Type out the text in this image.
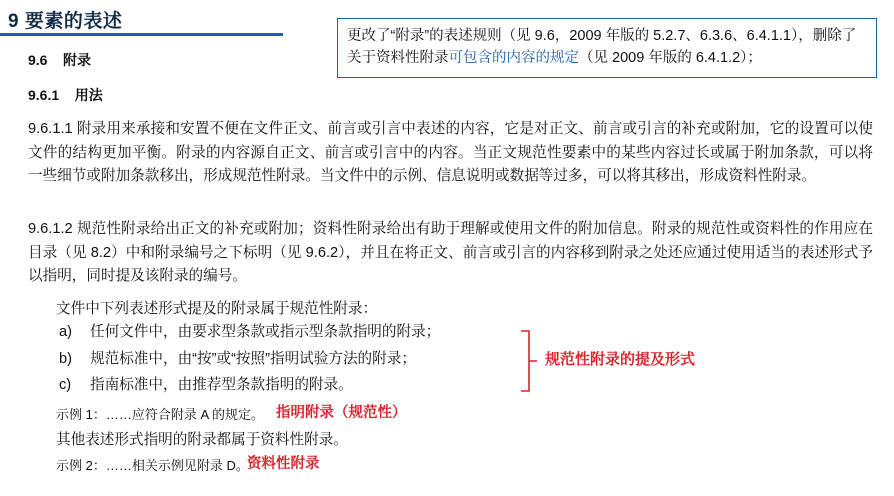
9 要素的表述
更改了“附录”的表述规则（见 9.6，2009 年版的 5.2.7、6.3.6、6.4.1.1），删除了关于资料性附录可包含的内容的规定（见 2009 年版的 6.4.1.2）；
9.6    附录
9.6.1    用法
9.6.1.1 附录用来承接和安置不便在文件正文、前言或引言中表述的内容，它是对正文、前言或引言的补充或附加，它的设置可以使文件的结构更加平衡。附录的内容源自正文、前言或引言中的内容。当正文规范性要素中的某些内容过长或属于附加条款，可以将一些细节或附加条款移出，形成规范性附录。当文件中的示例、信息说明或数据等过多，可以将其移出，形成资料性附录。
9.6.1.2 规范性附录给出正文的补充或附加；资料性附录给出有助于理解或使用文件的附加信息。附录的规范性或资料性的作用应在目录（见 8.2）中和附录编号之下标明（见 9.6.2），并且在将正文、前言或引言的内容移到附录之处还应通过使用适当的表述形式予以指明，同时提及该附录的编号。
文件中下列表述形式提及的附录属于规范性附录：
a)	任何文件中，由要求型条款或指示型条款指明的附录；
b)	规范标准中，由“按”或“按照”指明试验方法的附录；
c)	指南标准中，由推荐型条款指明的附录。
规范性附录的提及形式
示例 1：……应符合附录 A 的规定。 指明附录（规范性）
其他表述形式指明的附录都属于资料性附录。
示例 2：……相关示例见附录 D。
资料性附录
